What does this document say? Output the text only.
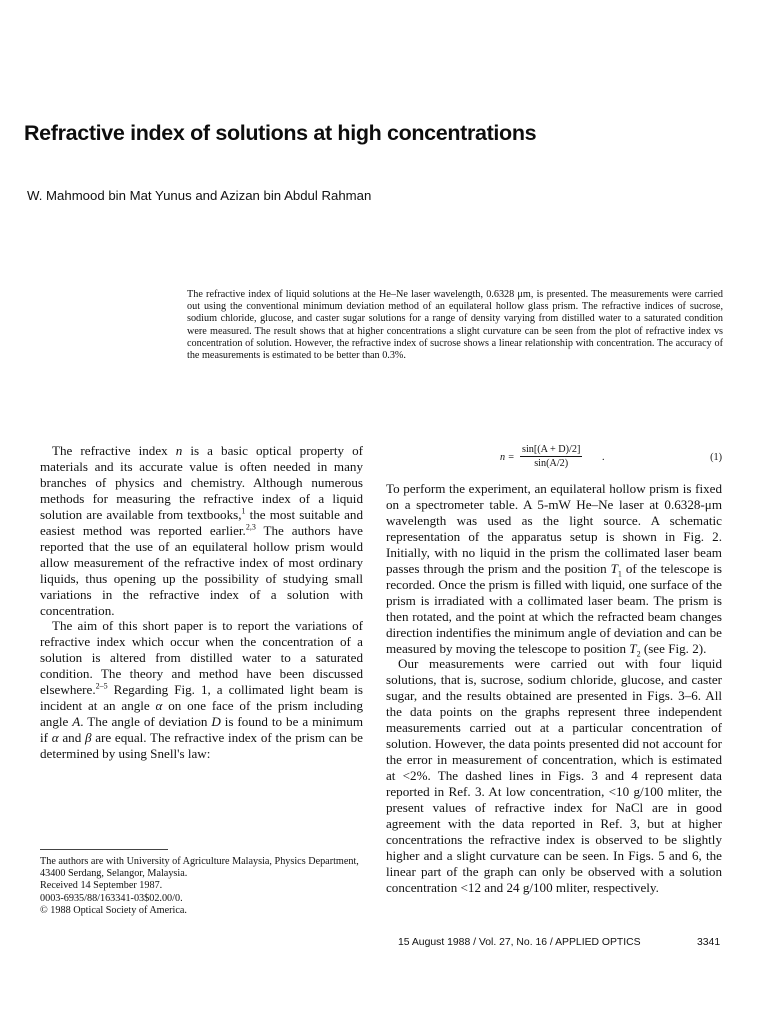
Refractive index of solutions at high concentrations

W. Mahmood bin Mat Yunus and Azizan bin Abdul Rahman

The refractive index of liquid solutions at the He–Ne laser wavelength, 0.6328 μm, is presented. The measurements were carried out using the conventional minimum deviation method of an equilateral hollow glass prism. The refractive indices of sucrose, sodium chloride, glucose, and caster sugar solutions for a range of density varying from distilled water to a saturated condition were measured. The result shows that at higher concentrations a slight curvature can be seen from the plot of refractive index vs concentration of solution. However, the refractive index of sucrose shows a linear relationship with concentration. The accuracy of the measurements is estimated to be better than 0.3%.

The refractive index n is a basic optical property of materials and its accurate value is often needed in many branches of physics and chemistry. Although numerous methods for measuring the refractive index of a liquid solution are available from textbooks,$^1$ the most suitable and easiest method was reported earlier.$^{2,3}$ The authors have reported that the use of an equilateral hollow prism would allow measurement of the refractive index of most ordinary liquids, thus opening up the possibility of studying small variations in the refractive index of a solution with concentration.

The aim of this short paper is to report the variations of refractive index which occur when the concentration of a solution is altered from distilled water to a saturated condition. The theory and method have been discussed elsewhere.$^{2-5}$ Regarding Fig. 1, a collimated light beam is incident at an angle α on one face of the prism including angle A. The angle of deviation D is found to be a minimum if α and β are equal. The refractive index of the prism can be determined by using Snell's law:

$n = \frac{\sin[(A + D)/2]}{\sin(A/2)}$ .	(1)

To perform the experiment, an equilateral hollow prism is fixed on a spectrometer table. A 5-mW He–Ne laser at 0.6328-μm wavelength was used as the light source. A schematic representation of the apparatus setup is shown in Fig. 2. Initially, with no liquid in the prism the collimated laser beam passes through the prism and the position $T_1$ of the telescope is recorded. Once the prism is filled with liquid, one surface of the prism is irradiated with a collimated laser beam. The prism is then rotated, and the point at which the refracted beam changes direction indentifies the minimum angle of deviation and can be measured by moving the telescope to position $T_2$ (see Fig. 2).

Our measurements were carried out with four liquid solutions, that is, sucrose, sodium chloride, glucose, and caster sugar, and the results obtained are presented in Figs. 3–6. All the data points on the graphs represent three independent measurements carried out at a particular concentration of solution. However, the data points presented did not account for the error in measurement of concentration, which is estimated at <2%. The dashed lines in Figs. 3 and 4 represent data reported in Ref. 3. At low concentration, <10 g/100 mliter, the present values of refractive index for NaCl are in good agreement with the data reported in Ref. 3, but at higher concentrations the refractive index is observed to be slightly higher and a slight curvature can be seen. In Figs. 5 and 6, the linear part of the graph can only be observed with a solution concentration <12 and 24 g/100 mliter, respectively.

The authors are with University of Agriculture Malaysia, Physics Department, 43400 Serdang, Selangor, Malaysia.

Received 14 September 1987.

0003-6935/88/163341-03$02.00/0.

© 1988 Optical Society of America.

15 August 1988 / Vol. 27, No. 16 / APPLIED OPTICS	3341
